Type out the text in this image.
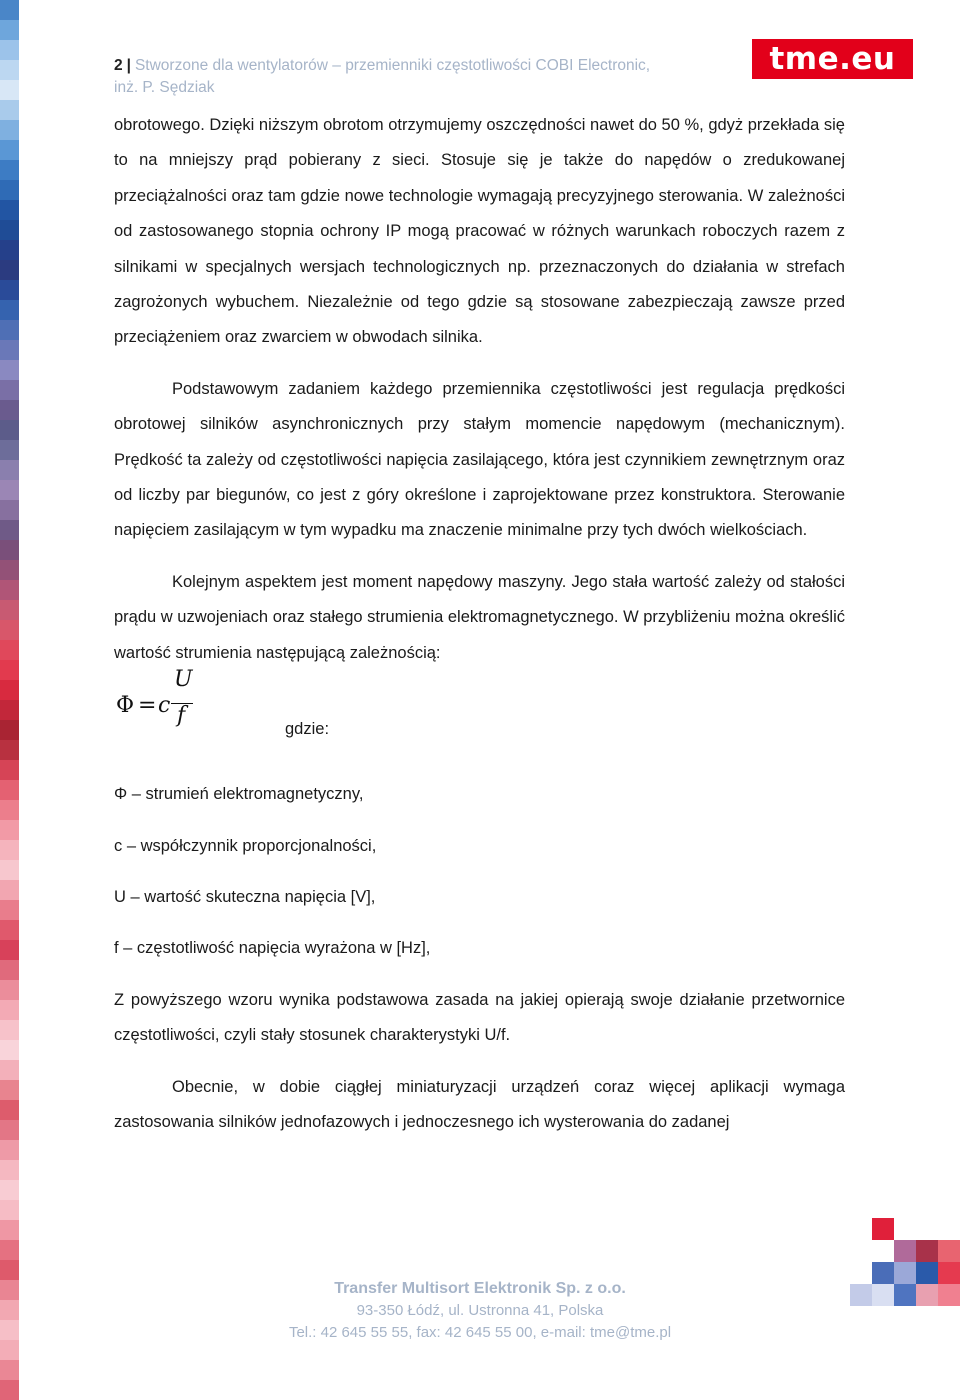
2 | Stworzone dla wentylatorów – przemienniki częstotliwości COBI Electronic,
inż. P. Sędziak
tme.eu

obrotowego. Dzięki niższym obrotom otrzymujemy oszczędności nawet do 50 %, gdyż przekłada się to na mniejszy prąd pobierany z sieci. Stosuje się je także do napędów o zredukowanej przeciążalności oraz tam gdzie nowe technologie wymagają precyzyjnego sterowania. W zależności od zastosowanego stopnia ochrony IP mogą pracować w różnych warunkach roboczych razem z silnikami w specjalnych wersjach technologicznych np. przeznaczonych do działania w strefach zagrożonych wybuchem. Niezależnie od tego gdzie są stosowane zabezpieczają zawsze przed przeciążeniem oraz zwarciem w obwodach silnika.

Podstawowym zadaniem każdego przemiennika częstotliwości jest regulacja prędkości obrotowej silników asynchronicznych przy stałym momencie napędowym (mechanicznym). Prędkość ta zależy od częstotliwości napięcia zasilającego, która jest czynnikiem zewnętrznym oraz od liczby par biegunów, co jest z góry określone i zaprojektowane przez konstruktora. Sterowanie napięciem zasilającym w tym wypadku ma znaczenie minimalne przy tych dwóch wielkościach.

Kolejnym aspektem jest moment napędowy maszyny. Jego stała wartość zależy od stałości prądu w uzwojeniach oraz stałego strumienia elektromagnetycznego. W przybliżeniu można określić wartość strumienia następującą zależnością:

Φ = c
U
f
gdzie:

Φ – strumień elektromagnetyczny,

c – współczynnik proporcjonalności,

U – wartość skuteczna napięcia [V],

f – częstotliwość napięcia wyrażona w [Hz],

Z powyższego wzoru wynika podstawowa zasada na jakiej opierają swoje działanie przetwornice częstotliwości, czyli stały stosunek charakterystyki U/f.

Obecnie, w dobie ciągłej miniaturyzacji urządzeń coraz więcej aplikacji wymaga zastosowania silników jednofazowych i jednoczesnego ich wysterowania do zadanej

Transfer Multisort Elektronik Sp. z o.o.
93-350 Łódź, ul. Ustronna 41, Polska
Tel.: 42 645 55 55, fax: 42 645 55 00, e-mail: tme@tme.pl
